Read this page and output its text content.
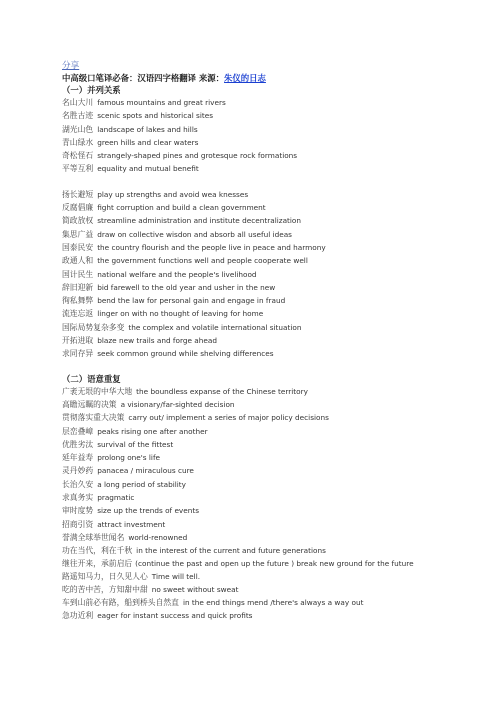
分享
中高级口笔译必备：汉语四字格翻译 来源：朱仪的日志
（一）并列关系
名山大川 famous mountains and great rivers
名胜古迹 scenic spots and historical sites
湖光山色 landscape of lakes and hills
青山绿水 green hills and clear waters
奇松怪石 strangely-shaped pines and grotesque rock formations
平等互利 equality and mutual benefit
扬长避短 play up strengths and avoid wea knesses
反腐倡廉 fight corruption and build a clean government
简政放权 streamline administration and institute decentralization
集思广益 draw on collective wisdon and absorb all useful ideas
国泰民安 the country flourish and the people live in peace and harmony
政通人和 the government functions well and people cooperate well
国计民生 national welfare and the people's livelihood
辞旧迎新 bid farewell to the old year and usher in the new
徇私舞弊 bend the law for personal gain and engage in fraud
流连忘返 linger on with no thought of leaving for home
国际局势复杂多变 the complex and volatile international situation
开拓进取 blaze new trails and forge ahead
求同存异 seek common ground while shelving differences
（二）语意重复
广袤无垠的中华大地 the boundless expanse of the Chinese territory
高瞻远瞩的决策 a visionary/far-sighted decision
贯彻落实重大决策 carry out/ implement a series of major policy decisions
层峦叠嶂 peaks rising one after another
优胜劣汰 survival of the fittest
延年益寿 prolong one's life
灵丹妙药 panacea / miraculous cure
长治久安 a long period of stability
求真务实 pragmatic
审时度势 size up the trends of events
招商引资 attract investment
誉满全球举世闻名 world-renowned
功在当代，利在千秋 in the interest of the current and future generations
继往开来，承前启后 (continue the past and open up the future ) break new ground for the future
路遥知马力，日久见人心 Time will tell.
吃的苦中苦，方知甜中甜 no sweet without sweat
车到山前必有路，船到桥头自然直 in the end things mend /there's always a way out
急功近利 eager for instant success and quick profits
